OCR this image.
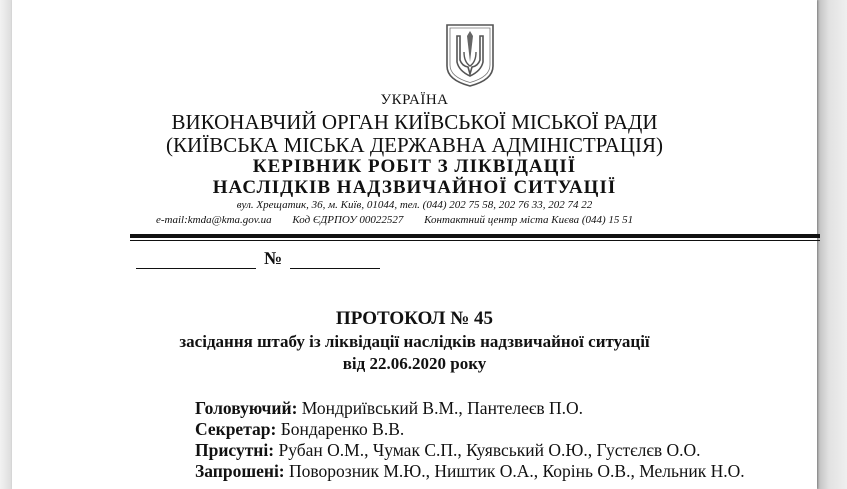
УКРАЇНА
ВИКОНАВЧИЙ ОРГАН КИЇВСЬКОЇ МІСЬКОЇ РАДИ
(КИЇВСЬКА МІСЬКА ДЕРЖАВНА АДМІНІСТРАЦІЯ)
КЕРІВНИК РОБІТ З ЛІКВІДАЦІЇ
НАСЛІДКІВ НАДЗВИЧАЙНОЇ СИТУАЦІЇ
вул. Хрещатик, 36, м. Київ, 01044, тел. (044) 202 75 58, 202 76 33, 202 74 22
e-mail:kmda@kma.gov.ua Код ЄДРПОУ 00022527 Контактний центр міста Києва (044) 15 51
№
ПРОТОКОЛ № 45
засідання штабу із ліквідації наслідків надзвичайної ситуації
від 22.06.2020 року
Головуючий: Мондриївський В.М., Пантелеєв П.О.
Секретар: Бондаренко В.В.
Присутні: Рубан О.М., Чумак С.П., Куявський О.Ю., Густєлєв О.О.
Запрошені: Поворозник М.Ю., Ништик О.А., Корінь О.В., Мельник Н.О.
